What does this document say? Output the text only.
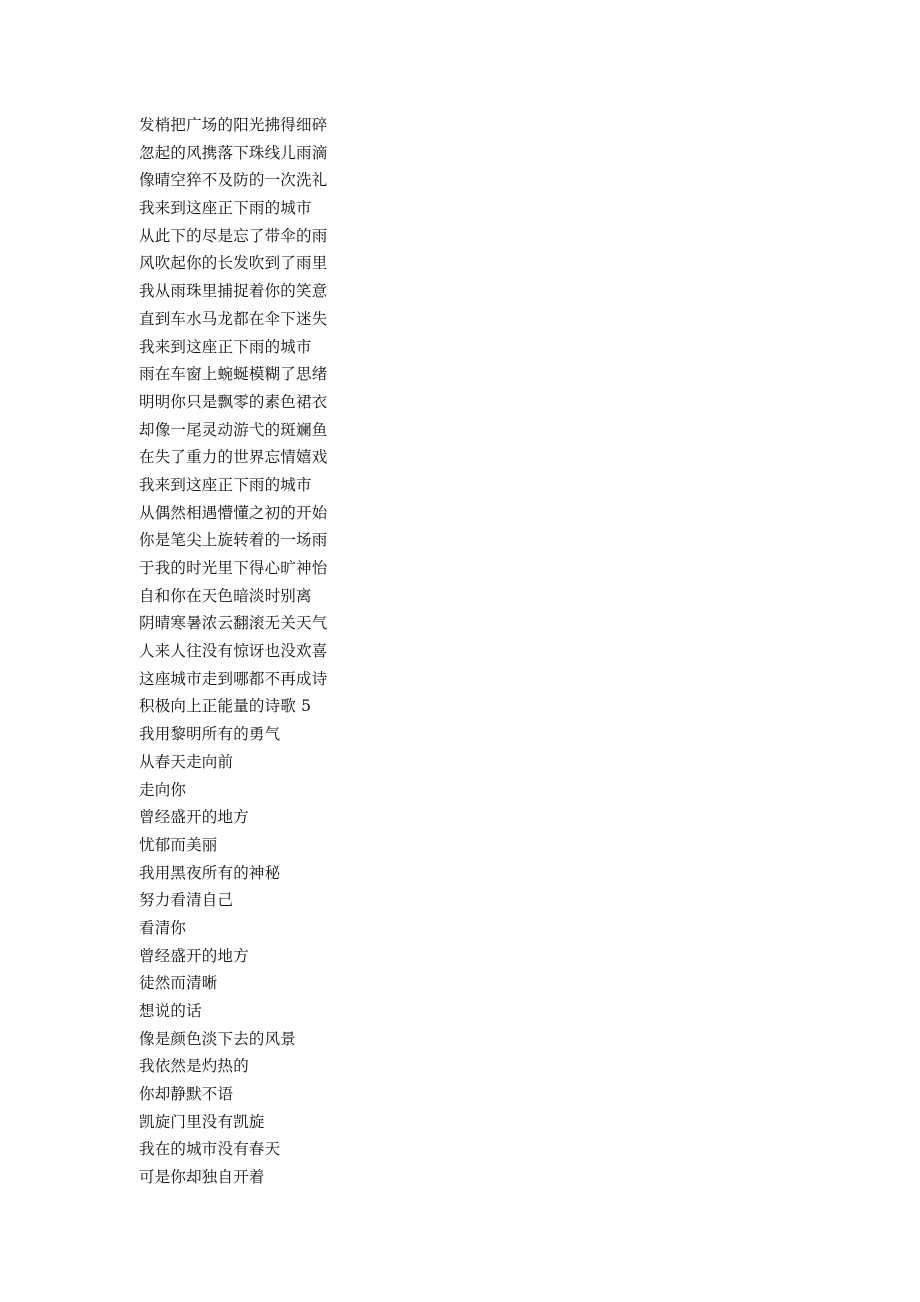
发梢把广场的阳光拂得细碎
忽起的风携落下珠线儿雨滴
像晴空猝不及防的一次洗礼
我来到这座正下雨的城市
从此下的尽是忘了带伞的雨
风吹起你的长发吹到了雨里
我从雨珠里捕捉着你的笑意
直到车水马龙都在伞下迷失
我来到这座正下雨的城市
雨在车窗上蜿蜒模糊了思绪
明明你只是飘零的素色裙衣
却像一尾灵动游弋的斑斓鱼
在失了重力的世界忘情嬉戏
我来到这座正下雨的城市
从偶然相遇懵懂之初的开始
你是笔尖上旋转着的一场雨
于我的时光里下得心旷神怡
自和你在天色暗淡时别离
阴晴寒暑浓云翻滚无关天气
人来人往没有惊讶也没欢喜
这座城市走到哪都不再成诗
积极向上正能量的诗歌 5
我用黎明所有的勇气
从春天走向前
走向你
曾经盛开的地方
忧郁而美丽
我用黑夜所有的神秘
努力看清自己
看清你
曾经盛开的地方
徒然而清晰
想说的话
像是颜色淡下去的风景
我依然是灼热的
你却静默不语
凯旋门里没有凯旋
我在的城市没有春天
可是你却独自开着
